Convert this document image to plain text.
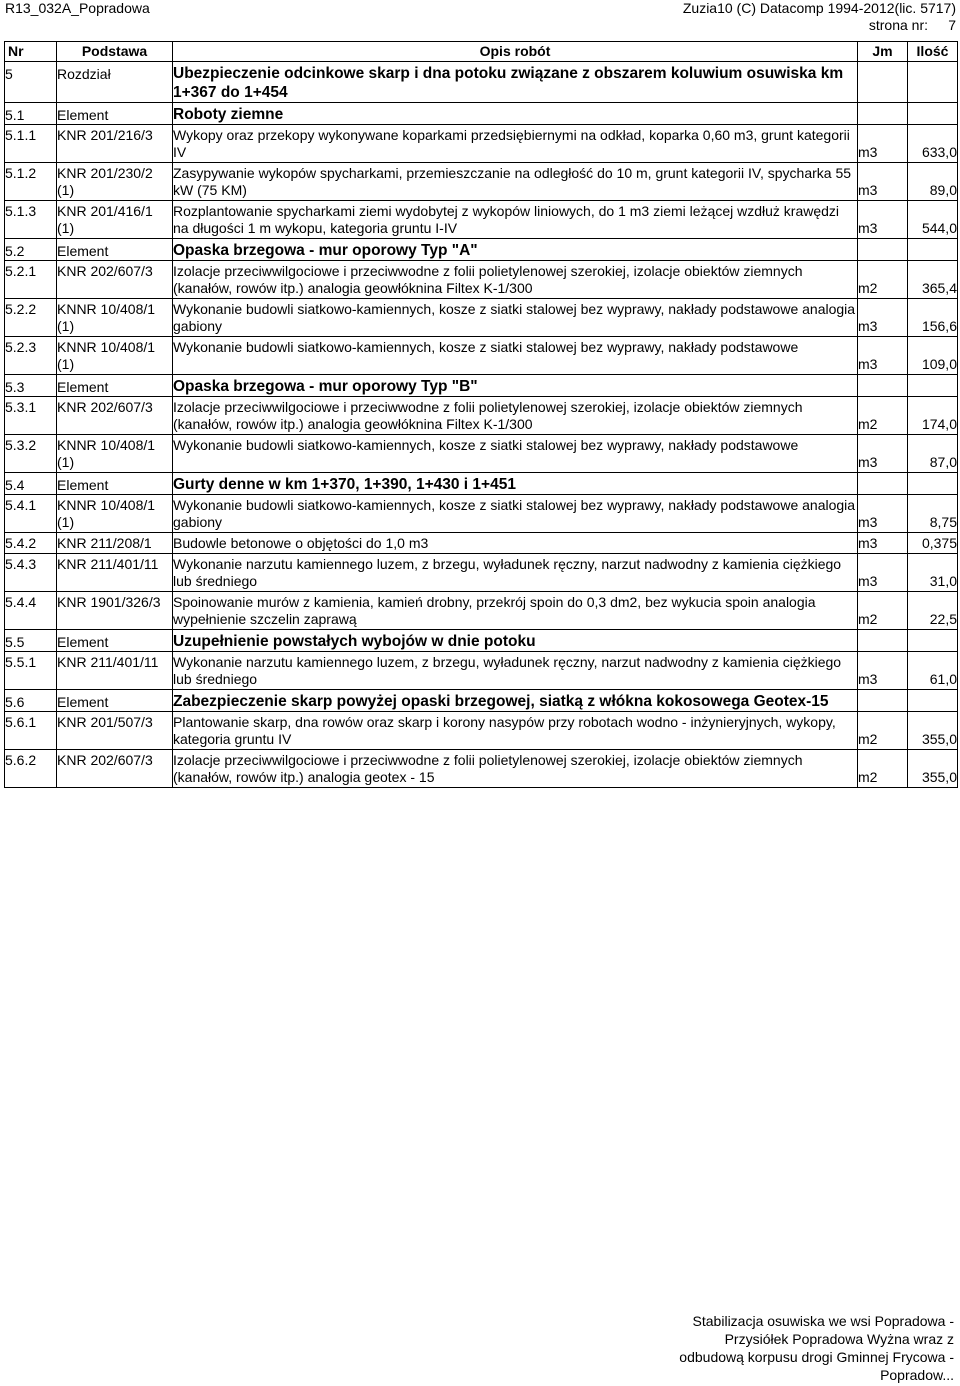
R13_032A_Popradowa	Zuzia10 (C) Datacomp 1994-2012(lic. 5717)
strona nr: 7
Nr	Podstawa	Opis robót	Jm	Ilość
5	Rozdział	Ubezpieczenie odcinkowe skarp i dna potoku związane z obszarem koluwium osuwiska km 1+367 do 1+454		
5.1	Element	Roboty ziemne		
5.1.1	KNR 201/216/3	Wykopy oraz przekopy wykonywane koparkami przedsiębiernymi na odkład, koparka 0,60 m3, grunt kategorii IV	m3	633,0
5.1.2	KNR 201/230/2 (1)	Zasypywanie wykopów spycharkami, przemieszczanie na odległość do 10 m, grunt kategorii IV, spycharka 55 kW (75 KM)	m3	89,0
5.1.3	KNR 201/416/1 (1)	Rozplantowanie spycharkami ziemi wydobytej z wykopów liniowych, do 1 m3 ziemi leżącej wzdłuż krawędzi na długości 1 m wykopu, kategoria gruntu I-IV	m3	544,0
5.2	Element	Opaska brzegowa - mur oporowy Typ "A"		
5.2.1	KNR 202/607/3	Izolacje przeciwwilgociowe i przeciwwodne z folii polietylenowej szerokiej, izolacje obiektów ziemnych (kanałów, rowów itp.) analogia geowłóknina Filtex K-1/300	m2	365,4
5.2.2	KNNR 10/408/1 (1)	Wykonanie budowli siatkowo-kamiennych, kosze z siatki stalowej bez wyprawy, nakłady podstawowe analogia gabiony	m3	156,6
5.2.3	KNNR 10/408/1 (1)	Wykonanie budowli siatkowo-kamiennych, kosze z siatki stalowej bez wyprawy, nakłady podstawowe	m3	109,0
5.3	Element	Opaska brzegowa - mur oporowy Typ "B"		
5.3.1	KNR 202/607/3	Izolacje przeciwwilgociowe i przeciwwodne z folii polietylenowej szerokiej, izolacje obiektów ziemnych (kanałów, rowów itp.) analogia geowłóknina Filtex K-1/300	m2	174,0
5.3.2	KNNR 10/408/1 (1)	Wykonanie budowli siatkowo-kamiennych, kosze z siatki stalowej bez wyprawy, nakłady podstawowe	m3	87,0
5.4	Element	Gurty denne w km 1+370, 1+390, 1+430 i 1+451		
5.4.1	KNNR 10/408/1 (1)	Wykonanie budowli siatkowo-kamiennych, kosze z siatki stalowej bez wyprawy, nakłady podstawowe analogia gabiony	m3	8,75
5.4.2	KNR 211/208/1	Budowle betonowe o objętości do 1,0 m3	m3	0,375
5.4.3	KNR 211/401/11	Wykonanie narzutu kamiennego luzem, z brzegu, wyładunek ręczny, narzut nadwodny z kamienia ciężkiego lub średniego	m3	31,0
5.4.4	KNR 1901/326/3	Spoinowanie murów z kamienia, kamień drobny, przekrój spoin do 0,3 dm2, bez wykucia spoin analogia wypełnienie szczelin zaprawą	m2	22,5
5.5	Element	Uzupełnienie powstałych wybojów w dnie potoku		
5.5.1	KNR 211/401/11	Wykonanie narzutu kamiennego luzem, z brzegu, wyładunek ręczny, narzut nadwodny z kamienia ciężkiego lub średniego	m3	61,0
5.6	Element	Zabezpieczenie skarp powyżej opaski brzegowej, siatką z włókna kokosowega Geotex-15		
5.6.1	KNR 201/507/3	Plantowanie skarp, dna rowów oraz skarp i korony nasypów przy robotach wodno - inżynieryjnych, wykopy, kategoria gruntu IV	m2	355,0
5.6.2	KNR 202/607/3	Izolacje przeciwwilgociowe i przeciwwodne z folii polietylenowej szerokiej, izolacje obiektów ziemnych (kanałów, rowów itp.) analogia geotex - 15	m2	355,0
Stabilizacja osuwiska we wsi Popradowa -
Przysiółek Popradowa Wyżna wraz z
odbudową korpusu drogi Gminnej Frycowa -
Popradow...
